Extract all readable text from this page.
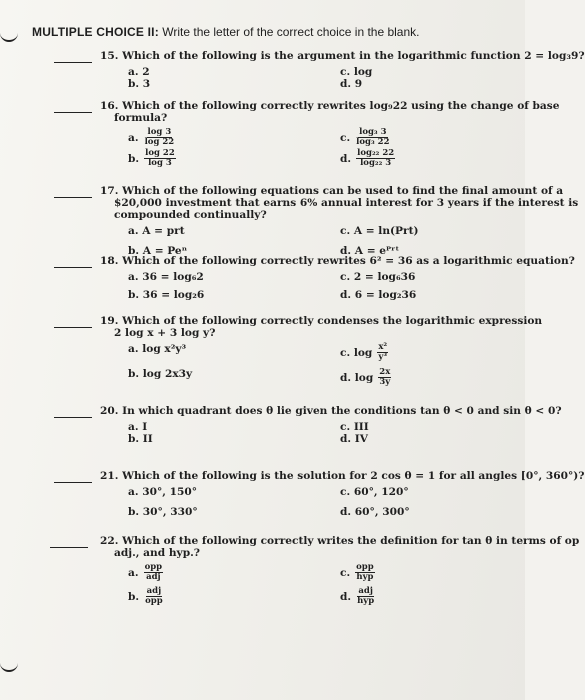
MULTIPLE CHOICE II: Write the letter of the correct choice in the blank.
15. Which of the following is the argument in the logarithmic function 2 = log₃9?
a. 2
b. 3
c. log
d. 9
16. Which of the following correctly rewrites log₉22 using the change of base
formula?
a. $\frac{\log 3}{\log 22}$
b. $\frac{\log 22}{\log 3}$
c. $\frac{\text{log₃ 3}}{\text{log₃ 22}}$
d. $\frac{\text{log₂₂ 22}}{\text{log₂₂ 3}}$
17. Which of the following equations can be used to find the final amount of a
$20,000 investment that earns 6% annual interest for 3 years if the interest is
compounded continually?
a. A = prt
b. A = Peⁿ
c. A = ln(Prt)
d. A = eᴾʳᵗ
18. Which of the following correctly rewrites 6² = 36 as a logarithmic equation?
a. 36 = log₆2
b. 36 = log₂6
c. 2 = log₆36
d. 6 = log₂36
19. Which of the following correctly condenses the logarithmic expression
2 log x + 3 log y?
a. log x²y³
b. log 2x3y
c. $\log \frac{\text{x²}}{\text{y³}}$
d. $\log \frac{2x}{3y}$
20. In which quadrant does θ lie given the conditions tan θ < 0 and sin θ < 0?
a. I
b. II
c. III
d. IV
21. Which of the following is the solution for 2 cos θ = 1 for all angles [0°, 360°)?
a. 30°, 150°
b. 30°, 330°
c. 60°, 120°
d. 60°, 300°
22. Which of the following correctly writes the definition for tan θ in terms of op
adj., and hyp.?
a. $\frac{\text{opp}}{\text{adj}}$
b. $\frac{\text{adj}}{\text{opp}}$
c. $\frac{\text{opp}}{\text{hyp}}$
d. $\frac{\text{adj}}{\text{hyp}}$
